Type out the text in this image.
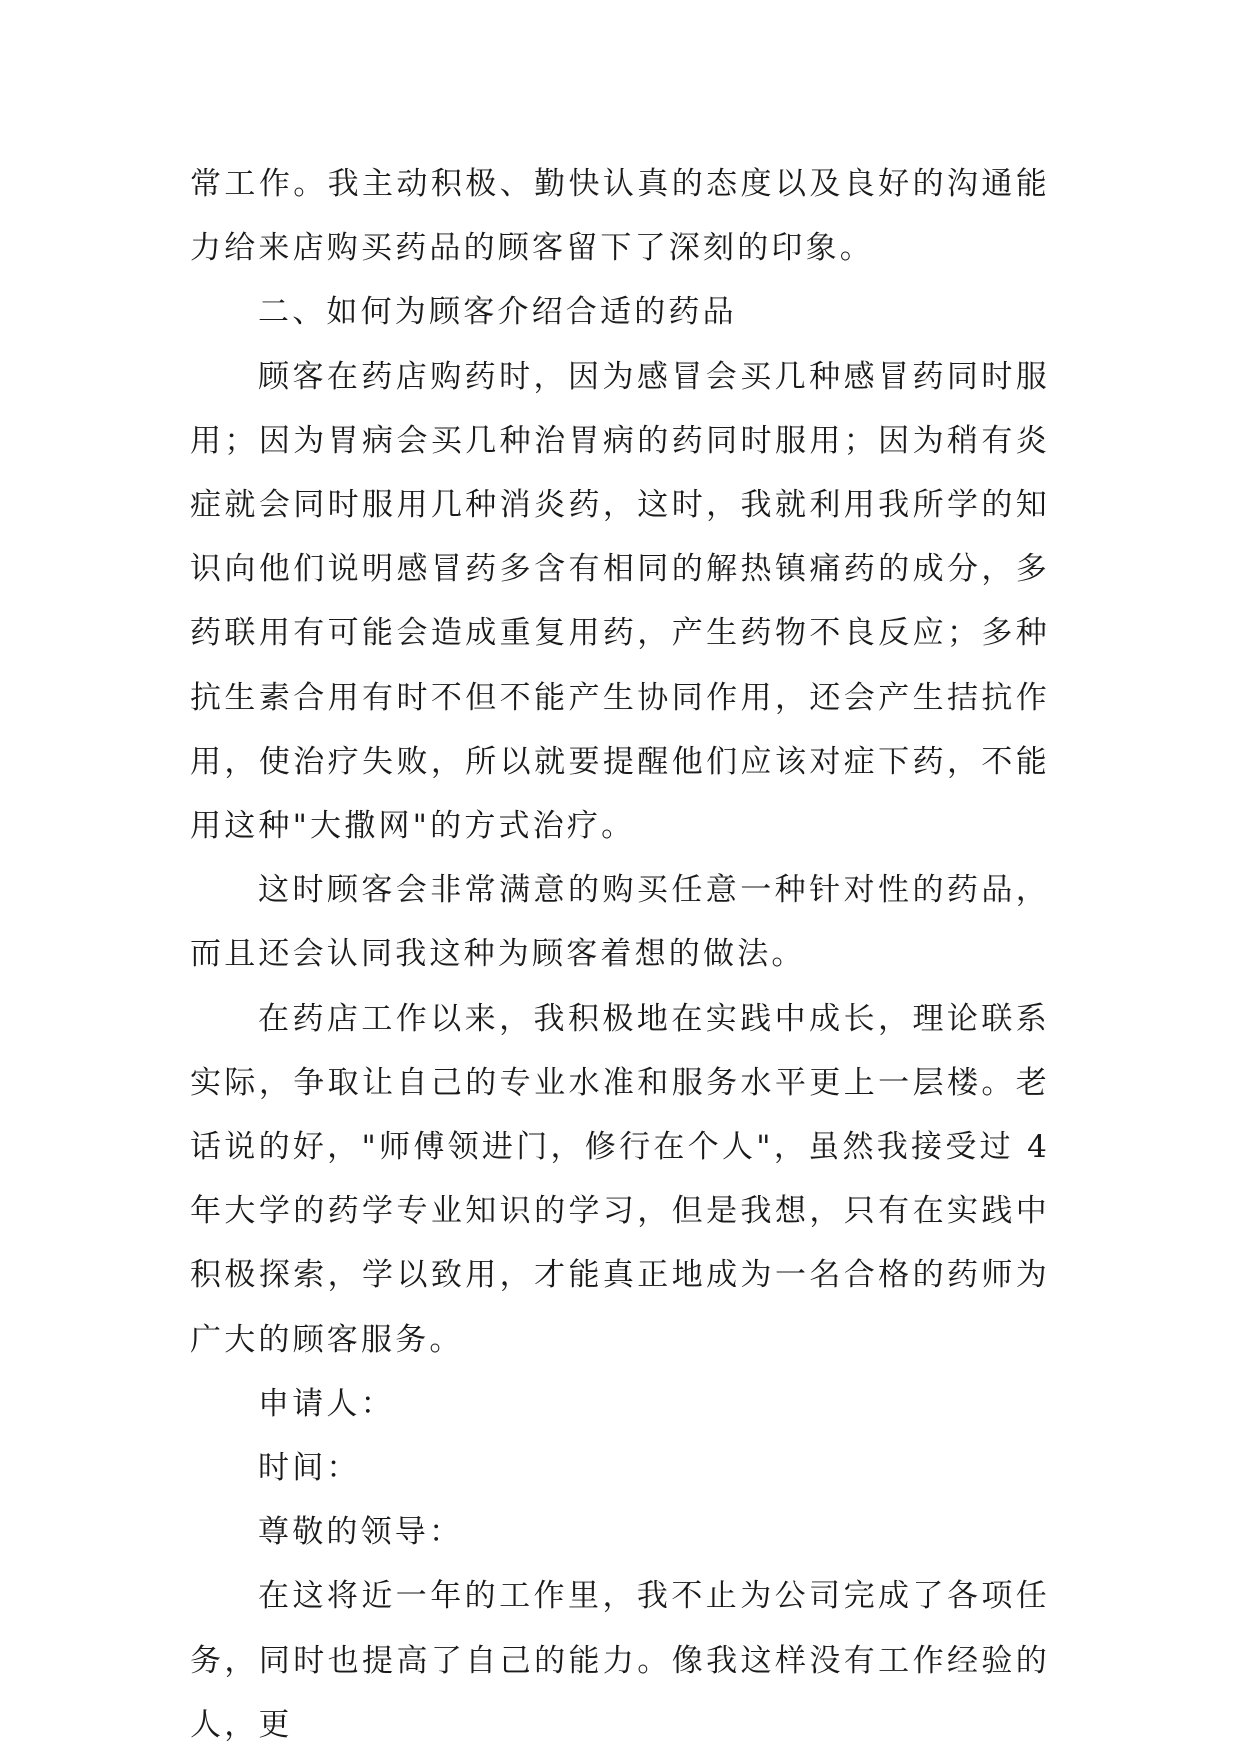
常工作。我主动积极、勤快认真的态度以及良好的沟通能力给来店购买药品的顾客留下了深刻的印象。

二、如何为顾客介绍合适的药品

顾客在药店购药时，因为感冒会买几种感冒药同时服用；因为胃病会买几种治胃病的药同时服用；因为稍有炎症就会同时服用几种消炎药，这时，我就利用我所学的知识向他们说明感冒药多含有相同的解热镇痛药的成分，多药联用有可能会造成重复用药，产生药物不良反应；多种抗生素合用有时不但不能产生协同作用，还会产生拮抗作用，使治疗失败，所以就要提醒他们应该对症下药，不能用这种"大撒网"的方式治疗。

这时顾客会非常满意的购买任意一种针对性的药品，而且还会认同我这种为顾客着想的做法。

在药店工作以来，我积极地在实践中成长，理论联系实际，争取让自己的专业水准和服务水平更上一层楼。老话说的好，"师傅领进门，修行在个人"，虽然我接受过 4 年大学的药学专业知识的学习，但是我想，只有在实践中积极探索，学以致用，才能真正地成为一名合格的药师为广大的顾客服务。

申请人：

时间：

尊敬的领导：

在这将近一年的工作里，我不止为公司完成了各项任务，同时也提高了自己的能力。像我这样没有工作经验的人，更
